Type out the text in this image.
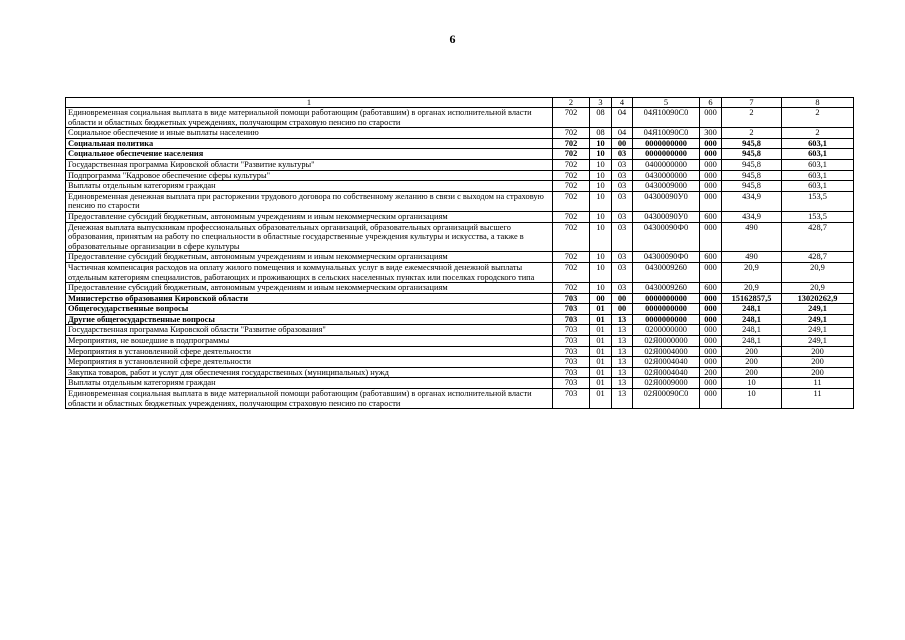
6
1	2	3	4	5	6	7	8
Единовременная социальная выплата в виде материальной помощи работающим (работавшим) в органах исполнительной власти области и областных бюджетных учреждениях, получающим страховую пенсию по старости	702	08	04	04Я10090С0	000	2	2
Социальное обеспечение и иные выплаты населению	702	08	04	04Я10090С0	300	2	2
Социальная политика	702	10	00	0000000000	000	945,8	603,1
Социальное обеспечение населения	702	10	03	0000000000	000	945,8	603,1
Государственная программа Кировской области "Развитие культуры"	702	10	03	0400000000	000	945,8	603,1
Подпрограмма "Кадровое обеспечение сферы культуры"	702	10	03	0430000000	000	945,8	603,1
Выплаты отдельным категориям граждан	702	10	03	0430009000	000	945,8	603,1
Единовременная денежная выплата при расторжении трудового договора по собственному желанию в связи с выходом на страховую пенсию по старости	702	10	03	04300090У0	000	434,9	153,5
Предоставление субсидий бюджетным, автономным учреждениям и иным некоммерческим организациям	702	10	03	04300090У0	600	434,9	153,5
Денежная выплата выпускникам профессиональных образовательных организаций, образовательных организаций высшего образования, принятым на работу по специальности в областные государственные учреждения культуры и искусства, а также в образовательные организации в сфере культуры	702	10	03	04300090Ф0	000	490	428,7
Предоставление субсидий бюджетным, автономным учреждениям и иным некоммерческим организациям	702	10	03	04300090Ф0	600	490	428,7
Частичная компенсация расходов на оплату жилого помещения и коммунальных услуг в виде ежемесячной денежной выплаты отдельным категориям специалистов, работающих и проживающих в сельских населенных пунктах или поселках городского типа	702	10	03	0430009260	000	20,9	20,9
Предоставление субсидий бюджетным, автономным учреждениям и иным некоммерческим организациям	702	10	03	0430009260	600	20,9	20,9
Министерство образования Кировской области	703	00	00	0000000000	000	15162857,5	13020262,9
Общегосударственные вопросы	703	01	00	0000000000	000	248,1	249,1
Другие общегосударственные вопросы	703	01	13	0000000000	000	248,1	249,1
Государственная программа Кировской области "Развитие образования"	703	01	13	0200000000	000	248,1	249,1
Мероприятия, не вошедшие в подпрограммы	703	01	13	02Я0000000	000	248,1	249,1
Мероприятия в установленной сфере деятельности	703	01	13	02Я0004000	000	200	200
Мероприятия в установленной сфере деятельности	703	01	13	02Я0004040	000	200	200
Закупка товаров, работ и услуг для обеспечения государственных (муниципальных) нужд	703	01	13	02Я0004040	200	200	200
Выплаты отдельным категориям граждан	703	01	13	02Я0009000	000	10	11
Единовременная социальная выплата в виде материальной помощи работающим (работавшим) в органах исполнительной власти области и областных бюджетных учреждениях, получающим страховую пенсию по старости	703	01	13	02Я00090С0	000	10	11
